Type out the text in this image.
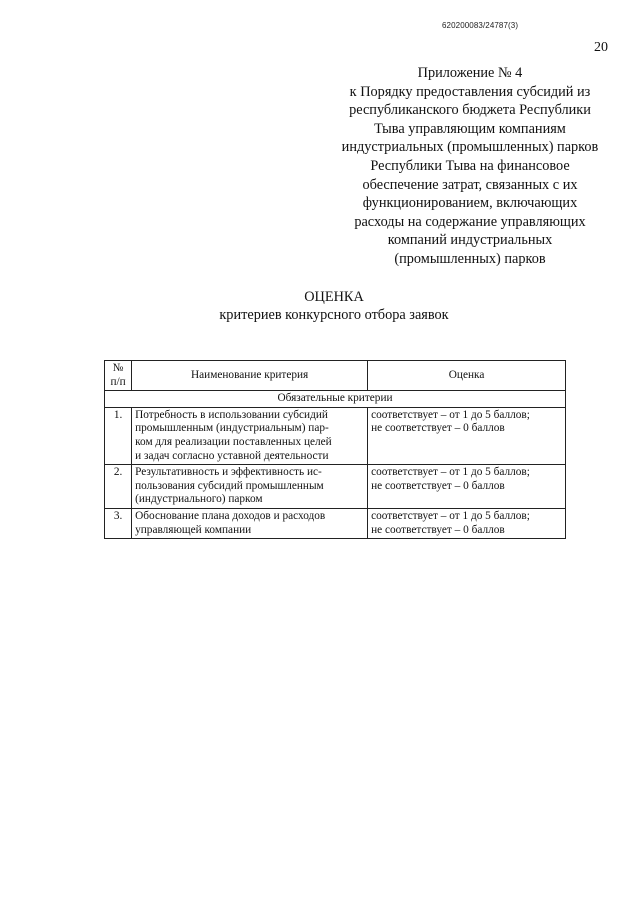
620200083/24787(3)
20
Приложение № 4
к Порядку предоставления субсидий из
республиканского бюджета Республики
Тыва управляющим компаниям
индустриальных (промышленных) парков
Республики Тыва на финансовое
обеспечение затрат, связанных с их
функционированием, включающих
расходы на содержание управляющих
компаний индустриальных
(промышленных) парков
ОЦЕНКА
критериев конкурсного отбора заявок
№
п/п	Наименование критерия	Оценка
Обязательные критерии		
1.	Потребность в использовании субсидий
промышленным (индустриальным) пар-
ком для реализации поставленных целей
и задач согласно уставной деятельности	соответствует – от 1 до 5 баллов;
не соответствует – 0 баллов

2.	Результативность и эффективность ис-
пользования субсидий промышленным
(индустриального) парком	соответствует – от 1 до 5 баллов;
не соответствует – 0 баллов

3.	Обоснование плана доходов и расходов
управляющей компании	соответствует – от 1 до 5 баллов;
не соответствует – 0 баллов
